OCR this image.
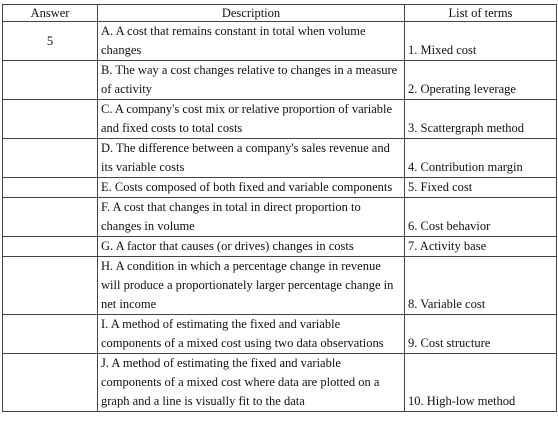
Answer	Description	List of terms
5	A. A cost that remains constant in total when volume changes	1. Mixed cost
	B. The way a cost changes relative to changes in a measure of activity	2. Operating leverage
	C. A company's cost mix or relative proportion of variable and fixed costs to total costs	3. Scattergraph method
	D. The difference between a company's sales revenue and its variable costs	4. Contribution margin
	E. Costs composed of both fixed and variable components	5. Fixed cost
	F. A cost that changes in total in direct proportion to changes in volume	6. Cost behavior
	G. A factor that causes (or drives) changes in costs	7. Activity base
	H. A condition in which a percentage change in revenue will produce a proportionately larger percentage change in net income	8. Variable cost
	I. A method of estimating the fixed and variable components of a mixed cost using two data observations	9. Cost structure
	J. A method of estimating the fixed and variable components of a mixed cost where data are plotted on a graph and a line is visually fit to the data	10. High-low method
